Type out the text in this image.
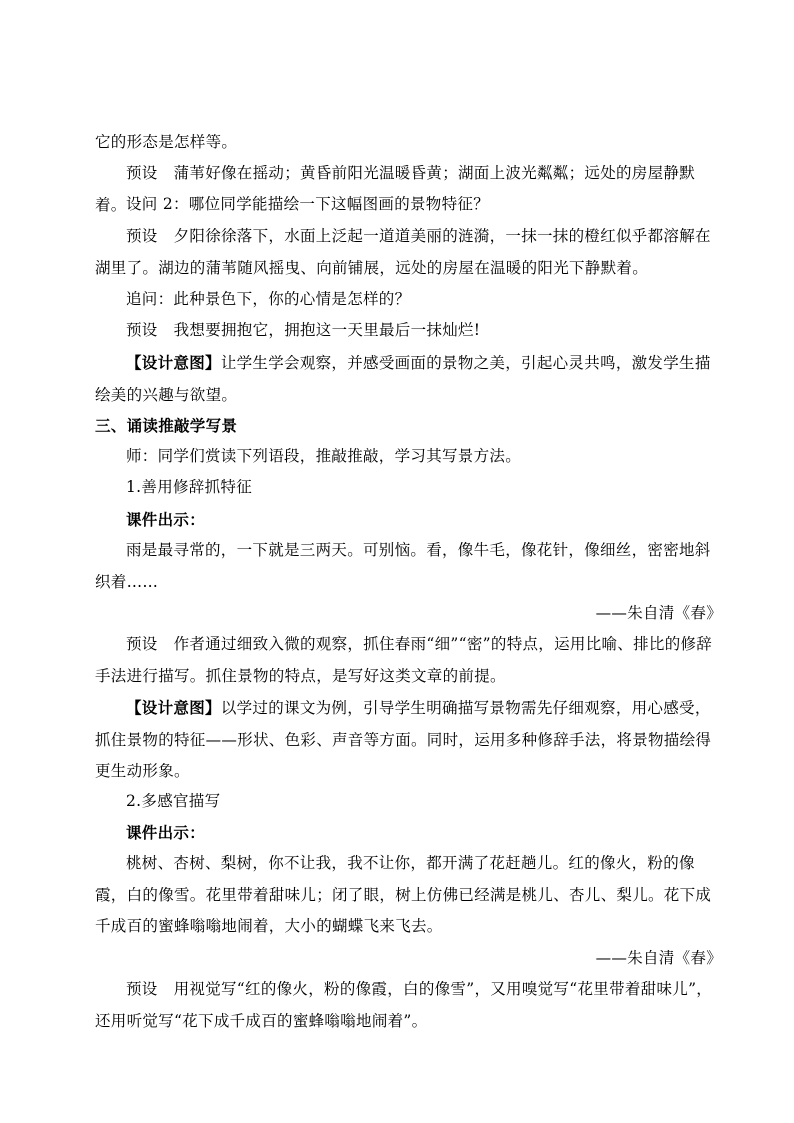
它的形态是怎样等。
预设 蒲苇好像在摇动；黄昏前阳光温暖昏黄；湖面上波光粼粼；远处的房屋静默着。 设问 2：哪位同学能描绘一下这幅图画的景物特征？
预设 夕阳徐徐落下，水面上泛起一道道美丽的涟漪，一抹一抹的橙红似乎都溶解在湖里了。湖边的蒲苇随风摇曳、向前铺展，远处的房屋在温暖的阳光下静默着。
追问：此种景色下，你的心情是怎样的？
预设 我想要拥抱它，拥抱这一天里最后一抹灿烂!
【设计意图】让学生学会观察，并感受画面的景物之美，引起心灵共鸣，激发学生描绘美的兴趣与欲望。
三、诵读推敲学写景
师：同学们赏读下列语段，推敲推敲，学习其写景方法。
1.善用修辞抓特征
课件出示：
雨是最寻常的，一下就是三两天。可别恼。看，像牛毛，像花针，像细丝，密密地斜织着……
——朱自清《春》
预设 作者通过细致入微的观察，抓住春雨“细”“密”的特点，运用比喻、排比的修辞手法进行描写。抓住景物的特点，是写好这类文章的前提。
【设计意图】以学过的课文为例，引导学生明确描写景物需先仔细观察，用心感受，抓住景物的特征——形状、色彩、声音等方面。同时，运用多种修辞手法，将景物描绘得更生动形象。
2.多感官描写
课件出示：
桃树、杏树、梨树，你不让我，我不让你，都开满了花赶趟儿。红的像火，粉的像霞，白的像雪。花里带着甜味儿；闭了眼，树上仿佛已经满是桃儿、杏儿、梨儿。花下成千成百的蜜蜂嗡嗡地闹着，大小的蝴蝶飞来飞去。
——朱自清《春》
预设 用视觉写“红的像火，粉的像霞，白的像雪”，又用嗅觉写“花里带着甜味儿”，还用听觉写“花下成千成百的蜜蜂嗡嗡地闹着”。
